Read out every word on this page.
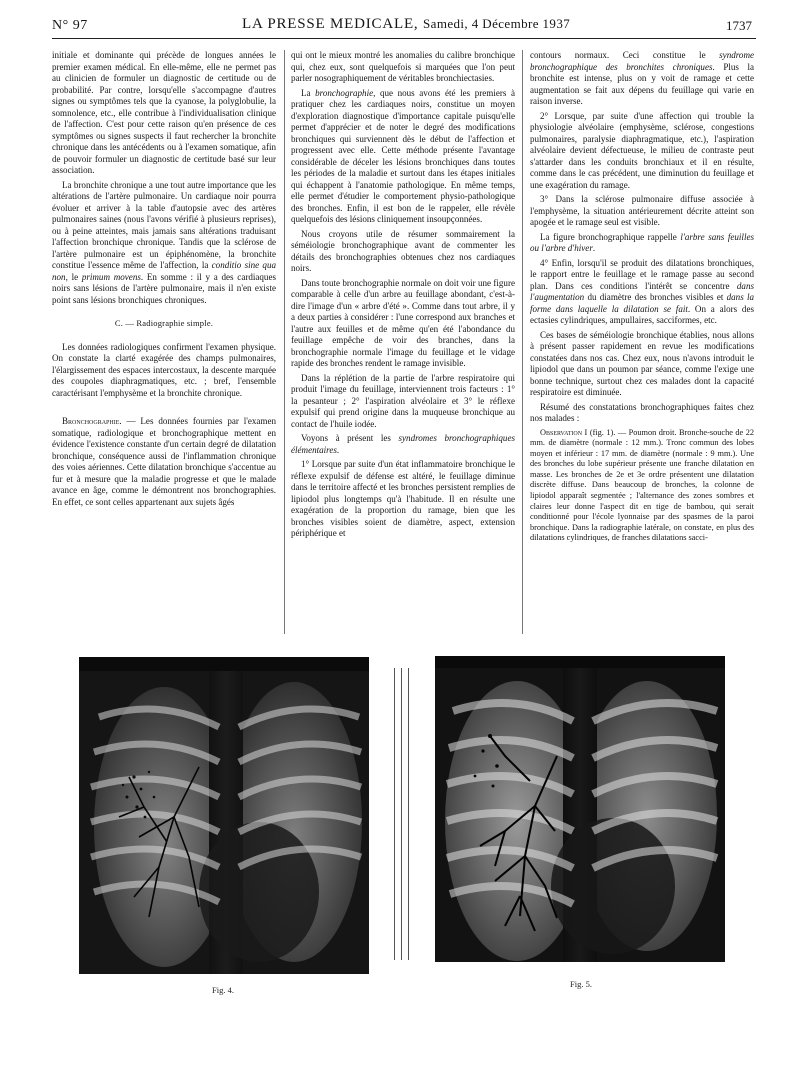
N° 97	LA PRESSE MEDICALE, Samedi, 4 Décembre 1937	1737

initiale et dominante qui précède de longues années le premier examen médical. En elle-même, elle ne permet pas au clinicien de formuler un diagnostic de certitude ou de probabilité. Par contre, lorsqu'elle s'accompagne d'autres signes ou symptômes tels que la cyanose, la polyglobulie, la somnolence, etc., elle contribue à l'individualisation clinique de l'affection. C'est pour cette raison qu'en présence de ces symptômes ou signes suspects il faut rechercher la bronchite chronique dans les antécédents ou à l'examen somatique, afin de pouvoir formuler un diagnostic de certitude basé sur leur association.

La bronchite chronique a une tout autre importance que les altérations de l'artère pulmonaire. Un cardiaque noir pourra évoluer et arriver à la table d'autopsie avec des artères pulmonaires saines (nous l'avons vérifié à plusieurs reprises), ou à peine atteintes, mais jamais sans altérations traduisant l'affection bronchique chronique. Tandis que la sclérose de l'artère pulmonaire est un épiphénomène, la bronchite constitue l'essence même de l'affection, la conditio sine qua non, le primum movens. En somme : il y a des cardiaques noirs sans lésions de l'artère pulmonaire, mais il n'en existe point sans lésions bronchiques chroniques.

C. — Radiographie simple.

Les données radiologiques confirment l'examen physique. On constate la clarté exagérée des champs pulmonaires, l'élargissement des espaces intercostaux, la descente marquée des coupoles diaphragmatiques, etc. ; bref, l'ensemble caractérisant l'emphysème et la bronchite chronique.

Bronchographie. — Les données fournies par l'examen somatique, radiologique et bronchographique mettent en évidence l'existence constante d'un certain degré de dilatation bronchique, conséquence aussi de l'inflammation chronique des voies aériennes. Cette dilatation bronchique s'accentue au fur et à mesure que la maladie progresse et que le malade avance en âge, comme le démontrent nos bronchographies. En effet, ce sont celles appartenant aux sujets âgés

qui ont le mieux montré les anomalies du calibre bronchique qui, chez eux, sont quelquefois si marquées que l'on peut parler nosographiquement de véritables bronchiectasies.

La bronchographie, que nous avons été les premiers à pratiquer chez les cardiaques noirs, constitue un moyen d'exploration diagnostique d'importance capitale puisqu'elle permet d'apprécier et de noter le degré des modifications bronchiques qui surviennent dès le début de l'affection et progressent avec elle. Cette méthode présente l'avantage considérable de déceler les lésions bronchiques dans toutes les périodes de la maladie et surtout dans les étapes initiales qui échappent à l'anatomie pathologique. En même temps, elle permet d'étudier le comportement physio-pathologique des bronches. Enfin, il est bon de le rappeler, elle révèle quelquefois des lésions cliniquement insoupçonnées.

Nous croyons utile de résumer sommairement la séméiologie bronchographique avant de commenter les détails des bronchographies obtenues chez nos cardiaques noirs.

Dans toute bronchographie normale on doit voir une figure comparable à celle d'un arbre au feuillage abondant, c'est-à-dire l'image d'un « arbre d'été ». Comme dans tout arbre, il y a deux parties à considérer : l'une correspond aux branches et l'autre aux feuilles et de même qu'en été l'abondance du feuillage empêche de voir des branches, dans la bronchographie normale l'image du feuillage et le vidage rapide des bronches rendent le ramage invisible.

Dans la réplétion de la partie de l'arbre respiratoire qui produit l'image du feuillage, interviennent trois facteurs : 1° la pesanteur ; 2° l'aspiration alvéolaire et 3° le réflexe expulsif qui prend origine dans la muqueuse bronchique au contact de l'huile iodée.

Voyons à présent les syndromes bronchographiques élémentaires.

1° Lorsque par suite d'un état inflammatoire bronchique le réflexe expulsif de défense est altéré, le feuillage diminue dans le territoire affecté et les bronches persistent remplies de lipiodol plus longtemps qu'à l'habitude. Il en résulte une exagération de la proportion du ramage, bien que les bronches visibles soient de diamètre, aspect, extension périphérique et

contours normaux. Ceci constitue le syndrome bronchographique des bronchites chroniques. Plus la bronchite est intense, plus on y voit de ramage et cette augmentation se fait aux dépens du feuillage qui varie en raison inverse.

2° Lorsque, par suite d'une affection qui trouble la physiologie alvéolaire (emphysème, sclérose, congestions pulmonaires, paralysie diaphragmatique, etc.), l'aspiration alvéolaire devient défectueuse, le milieu de contraste peut s'attarder dans les conduits bronchiaux et il en résulte, comme dans le cas précédent, une diminution du feuillage et une exagération du ramage.

3° Dans la sclérose pulmonaire diffuse associée à l'emphysème, la situation antérieurement décrite atteint son apogée et le ramage seul est visible.

La figure bronchographique rappelle l'arbre sans feuilles ou l'arbre d'hiver.

4° Enfin, lorsqu'il se produit des dilatations bronchiques, le rapport entre le feuillage et le ramage passe au second plan. Dans ces conditions l'intérêt se concentre dans l'augmentation du diamètre des bronches visibles et dans la forme dans laquelle la dilatation se fait. On a alors des ectasies cylindriques, ampullaires, sacciformes, etc.

Ces bases de séméiologie bronchique établies, nous allons à présent passer rapidement en revue les modifications constatées dans nos cas. Chez eux, nous n'avons introduit le lipiodol que dans un poumon par séance, comme l'exige une bonne technique, surtout chez ces malades dont la capacité respiratoire est diminuée.

Résumé des constatations bronchographiques faites chez nos malades :

Observation I (fig. 1). — Poumon droit. Bronche-souche de 22 mm. de diamètre (normale : 12 mm.). Tronc commun des lobes moyen et inférieur : 17 mm. de diamètre (normale : 9 mm.). Une des bronches du lobe supérieur présente une franche dilatation en masse. Les bronches de 2e et 3e ordre présentent une dilatation discrète diffuse. Dans beaucoup de bronches, la colonne de lipiodol apparaît segmentée ; l'alternance des zones sombres et claires leur donne l'aspect dit en tige de bambou, qui serait conditionné pour l'école lyonnaise par des spasmes de la paroi bronchique. Dans la radiographie latérale, on constate, en plus des dilatations cylindriques, de franches dilatations sacci-

Fig. 4.
Fig. 5.
